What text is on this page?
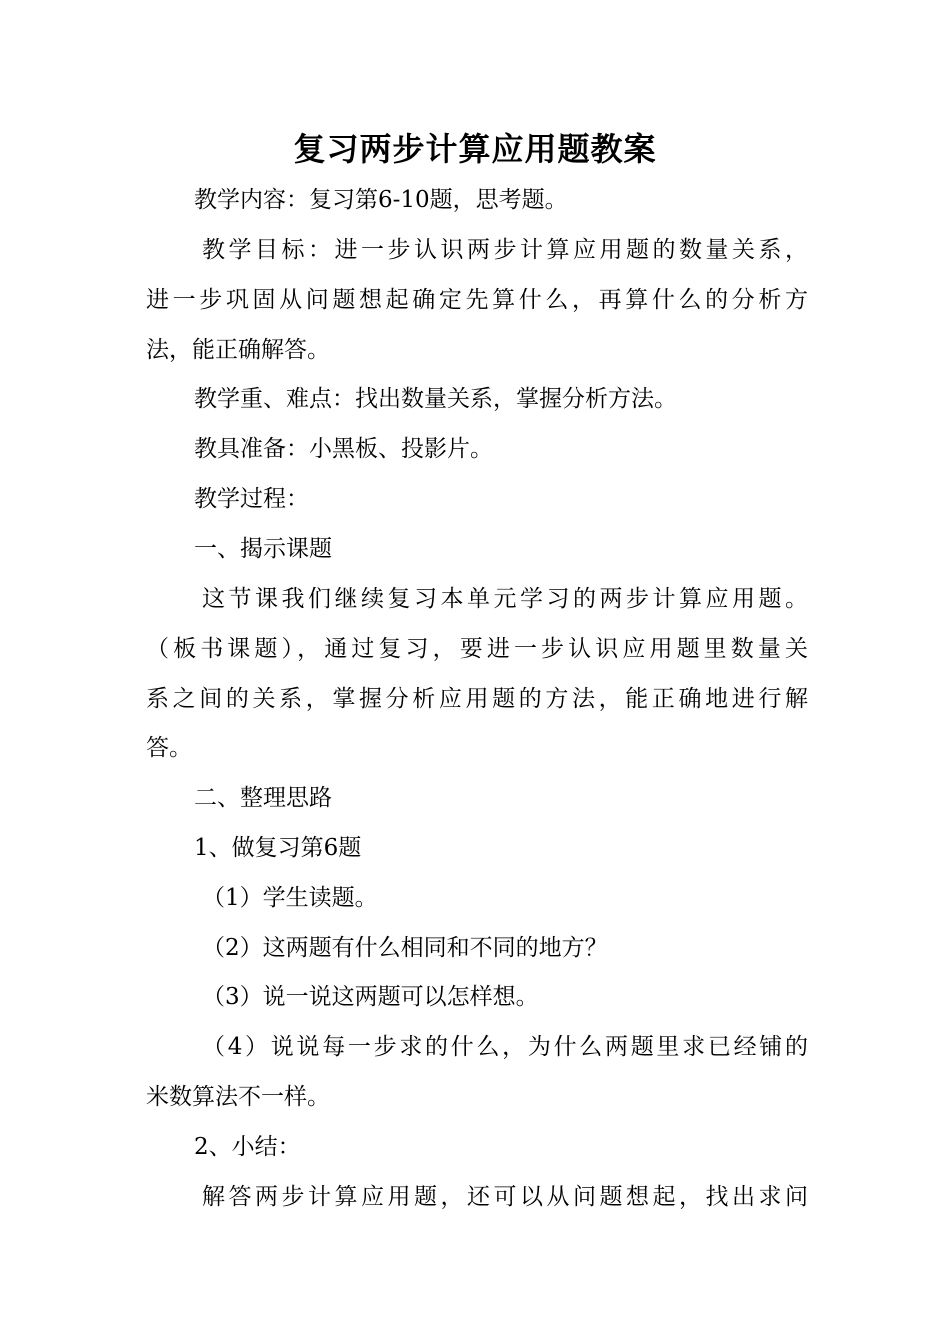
复习两步计算应用题教案

教学内容：复习第6-10题，思考题。

教学目标：进一步认识两步计算应用题的数量关系，

进一步巩固从问题想起确定先算什么，再算什么的分析方

法，能正确解答。

教学重、难点：找出数量关系，掌握分析方法。

教具准备：小黑板、投影片。

教学过程：

一、揭示课题

这节课我们继续复习本单元学习的两步计算应用题。

（板书课题），通过复习，要进一步认识应用题里数量关

系之间的关系，掌握分析应用题的方法，能正确地进行解

答。

二、整理思路

1、做复习第6题

（1）学生读题。

（2）这两题有什么相同和不同的地方？

（3）说一说这两题可以怎样想。

（4）说说每一步求的什么，为什么两题里求已经铺的

米数算法不一样。

2、小结：

解答两步计算应用题，还可以从问题想起，找出求问
